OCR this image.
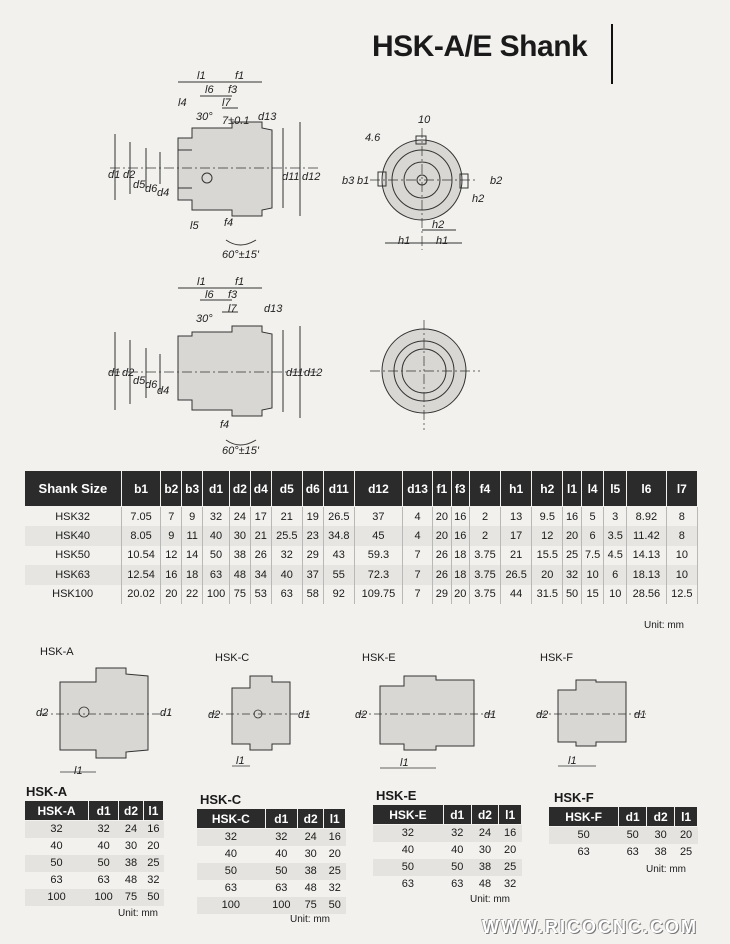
HSK-A/E Shank
l1	f1
l6 f3
l7
l4
30° 7±0.1 d13
d1 d2
d5 d6 d4
d11 d12
l5 f4
60°±15'
10
4.6
b3 b1	b2
h2
h2
h1 h1
l1	f1
l6 f3
l7 d13
30°
d1 d2
d5 d6 d4
d11 d12
f4
60°±15'
Shank Size	b1	b2	b3	d1	d2	d4	d5	d6	d11	d12	d13	f1	f3	f4	h1	h2	l1	l4	l5	l6	l7
HSK32	7.05	7	9	32	24	17	21	19	26.5	37	4	20	16	2	13	9.5	16	5	3	8.92	8
HSK40	8.05	9	11	40	30	21	25.5	23	34.8	45	4	20	16	2	17	12	20	6	3.5	11.42	8
HSK50	10.54	12	14	50	38	26	32	29	43	59.3	7	26	18	3.75	21	15.5	25	7.5	4.5	14.13	10
HSK63	12.54	16	18	63	48	34	40	37	55	72.3	7	26	18	3.75	26.5	20	32	10	6	18.13	10
HSK100	20.02	20	22	100	75	53	63	58	92	109.75	7	29	20	3.75	44	31.5	50	15	10	28.56	12.5
Unit: mm
HSK-A	HSK-C	HSK-E	HSK-F
d2	d1
l1
d2	d1
l1
d2	d1
l1
d2	d1
l1
HSK-A
HSK-A	d1	d2	l1
32	32	24	16
40	40	30	20
50	50	38	25
63	63	48	32
100	100	75	50
Unit: mm
HSK-C
HSK-C	d1	d2	l1
32	32	24	16
40	40	30	20
50	50	38	25
63	63	48	32
100	100	75	50
Unit: mm
HSK-E
HSK-E	d1	d2	l1
32	32	24	16
40	40	30	20
50	50	38	25
63	63	48	32
Unit: mm
HSK-F
HSK-F	d1	d2	l1
50	50	30	20
63	63	38	25
Unit: mm
WWW.RICOCNC.COM
